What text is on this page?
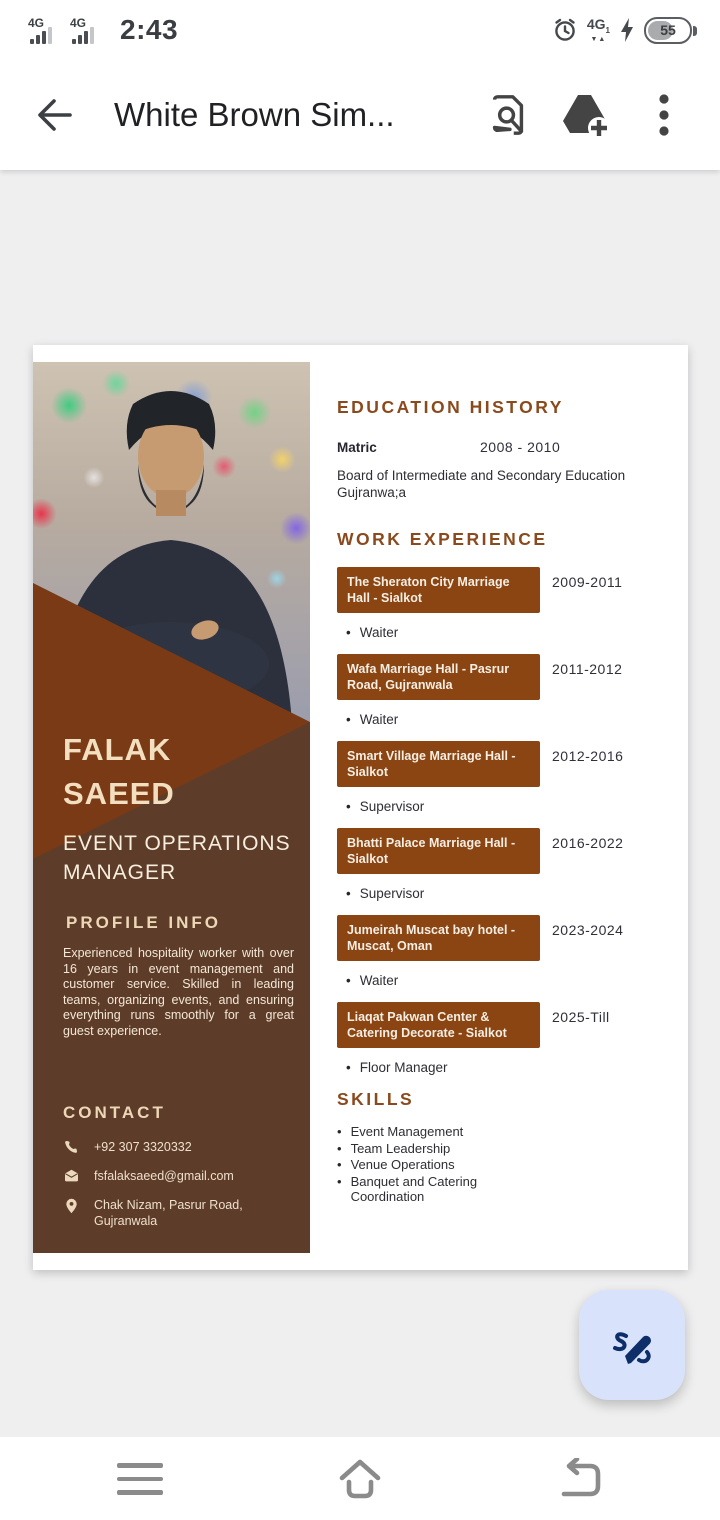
4G 4G 2:43	$4G_1$
▼▲
55
White Brown Sim...
FALAK
SAEED
EVENT OPERATIONS MANAGER
PROFILE INFO
Experienced hospitality worker with over 16 years in event management and customer service. Skilled in leading teams, organizing events, and ensuring everything runs smoothly for a great guest experience.
CONTACT
+92 307 3320332
fsfalaksaeed@gmail.com
Chak Nizam, Pasrur Road, Gujranwala
EDUCATION HISTORY
Matric	2008 - 2010
Board of Intermediate and Secondary Education Gujranwa;a
WORK EXPERIENCE
The Sheraton City Marriage Hall - Sialkot
2009-2011
• Waiter
Wafa Marriage Hall - Pasrur Road, Gujranwala
2011-2012
• Waiter
Smart Village Marriage Hall - Sialkot
2012-2016
• Supervisor
Bhatti Palace Marriage Hall - Sialkot
2016-2022
• Supervisor
Jumeirah Muscat bay hotel - Muscat, Oman
2023-2024
• Waiter
Liaqat Pakwan Center & Catering Decorate - Sialkot
2025-Till
• Floor Manager
SKILLS
• Event Management
• Team Leadership
• Venue Operations
• Banquet and Catering Coordination
